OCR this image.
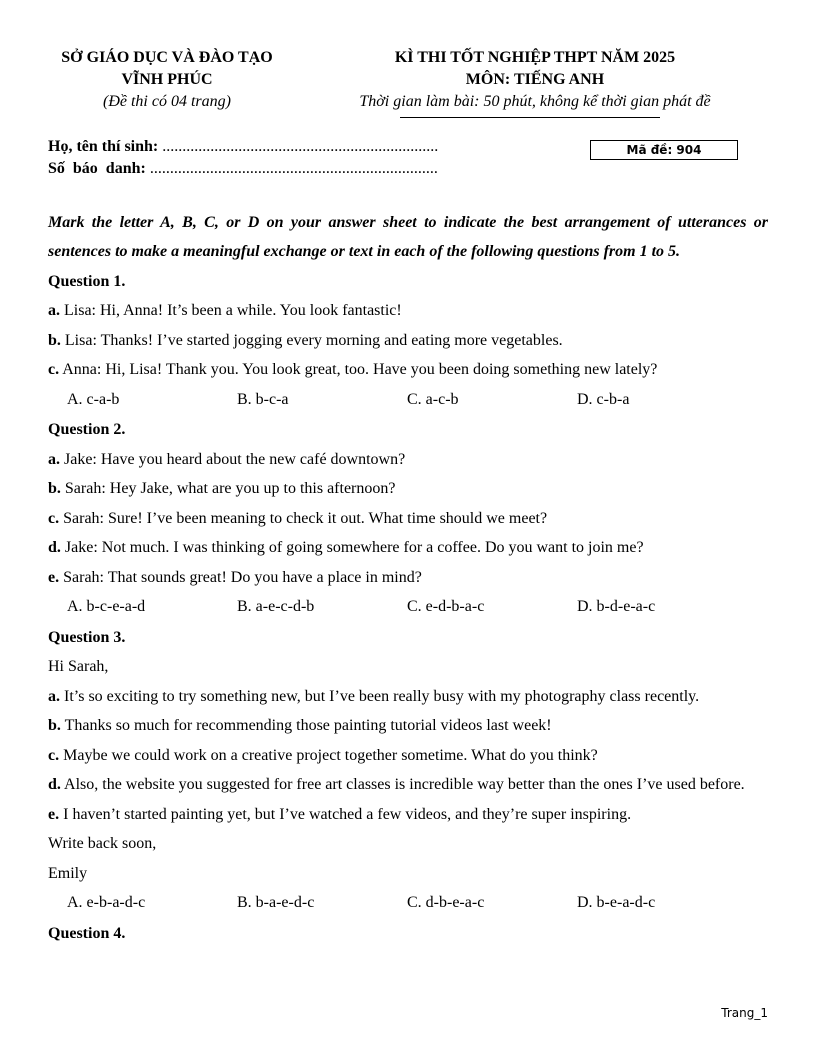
SỞ GIÁO DỤC VÀ ĐÀO TẠO
VĨNH PHÚC
(Đề thi có 04 trang)
KÌ THI TỐT NGHIỆP THPT NĂM 2025
MÔN: TIẾNG ANH
Thời gian làm bài: 50 phút, không kể thời gian phát đề
Họ, tên thí sinh: .....................................................................
Số báo danh: ........................................................................
Mã đề: 904
Mark the letter A, B, C, or D on your answer sheet to indicate the best arrangement of utterances or sentences to make a meaningful exchange or text in each of the following questions from 1 to 5.
Question 1.
a. Lisa: Hi, Anna! It’s been a while. You look fantastic!
b. Lisa: Thanks! I’ve started jogging every morning and eating more vegetables.
c. Anna: Hi, Lisa! Thank you. You look great, too. Have you been doing something new lately?
A. c-a-b	B. b-c-a	C. a-c-b	D. c-b-a
Question 2.
a. Jake: Have you heard about the new café downtown?
b. Sarah: Hey Jake, what are you up to this afternoon?
c. Sarah: Sure! I’ve been meaning to check it out. What time should we meet?
d. Jake: Not much. I was thinking of going somewhere for a coffee. Do you want to join me?
e. Sarah: That sounds great! Do you have a place in mind?
A. b-c-e-a-d	B. a-e-c-d-b	C. e-d-b-a-c	D. b-d-e-a-c
Question 3.
Hi Sarah,
a. It’s so exciting to try something new, but I’ve been really busy with my photography class recently.
b. Thanks so much for recommending those painting tutorial videos last week!
c. Maybe we could work on a creative project together sometime. What do you think?
d. Also, the website you suggested for free art classes is incredible way better than the ones I’ve used before.
e. I haven’t started painting yet, but I’ve watched a few videos, and they’re super inspiring.
Write back soon,
Emily
A. e-b-a-d-c	B. b-a-e-d-c	C. d-b-e-a-c	D. b-e-a-d-c
Question 4.
Trang_1
